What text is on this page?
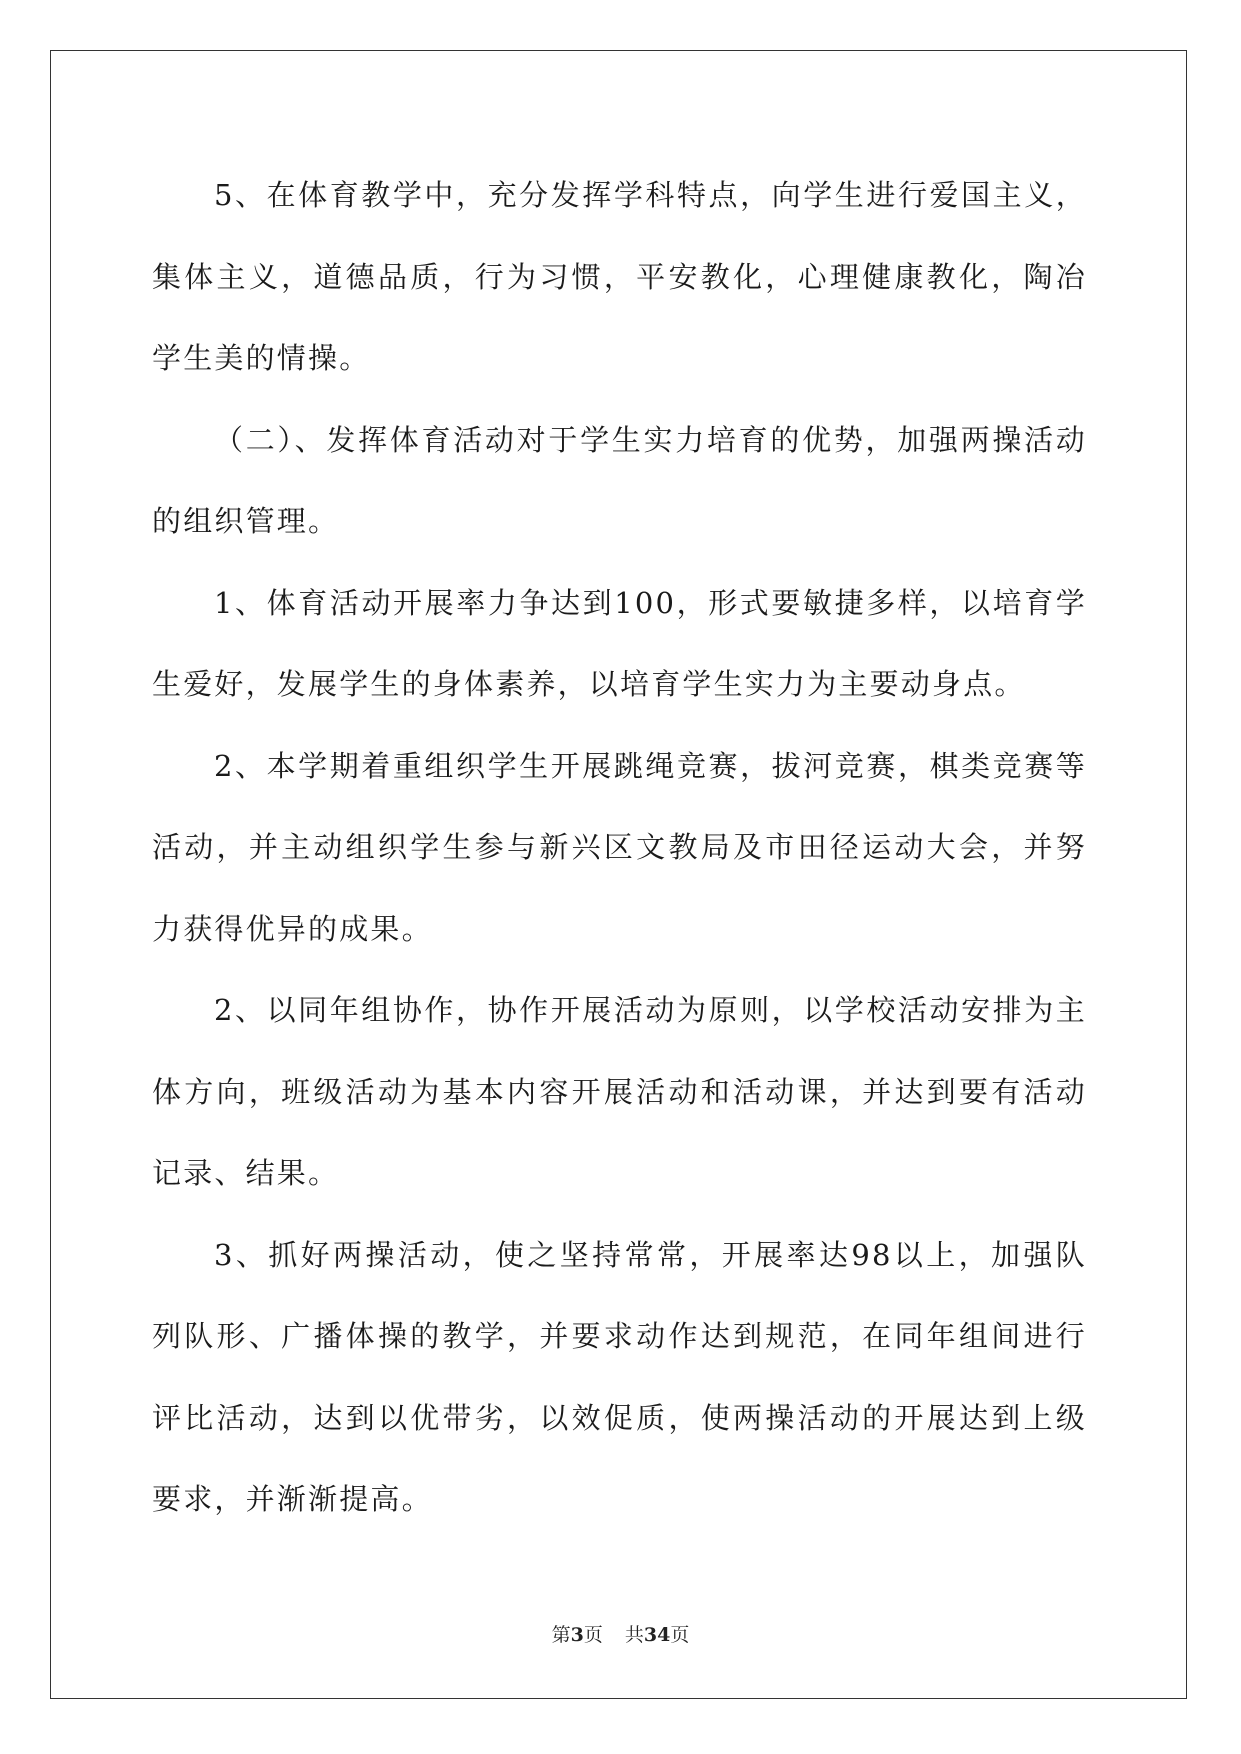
5、在体育教学中，充分发挥学科特点，向学生进行爱国主义，集体主义，道德品质，行为习惯，平安教化，心理健康教化，陶冶学生美的情操。

（二）、发挥体育活动对于学生实力培育的优势，加强两操活动的组织管理。

1、体育活动开展率力争达到100，形式要敏捷多样，以培育学生爱好，发展学生的身体素养，以培育学生实力为主要动身点。

2、本学期着重组织学生开展跳绳竞赛，拔河竞赛，棋类竞赛等活动，并主动组织学生参与新兴区文教局及市田径运动大会，并努力获得优异的成果。

2、以同年组协作，协作开展活动为原则，以学校活动安排为主体方向，班级活动为基本内容开展活动和活动课，并达到要有活动记录、结果。

3、抓好两操活动，使之坚持常常，开展率达98以上，加强队列队形、广播体操的教学，并要求动作达到规范，在同年组间进行评比活动，达到以优带劣，以效促质，使两操活动的开展达到上级要求，并渐渐提高。

第3页 共34页
